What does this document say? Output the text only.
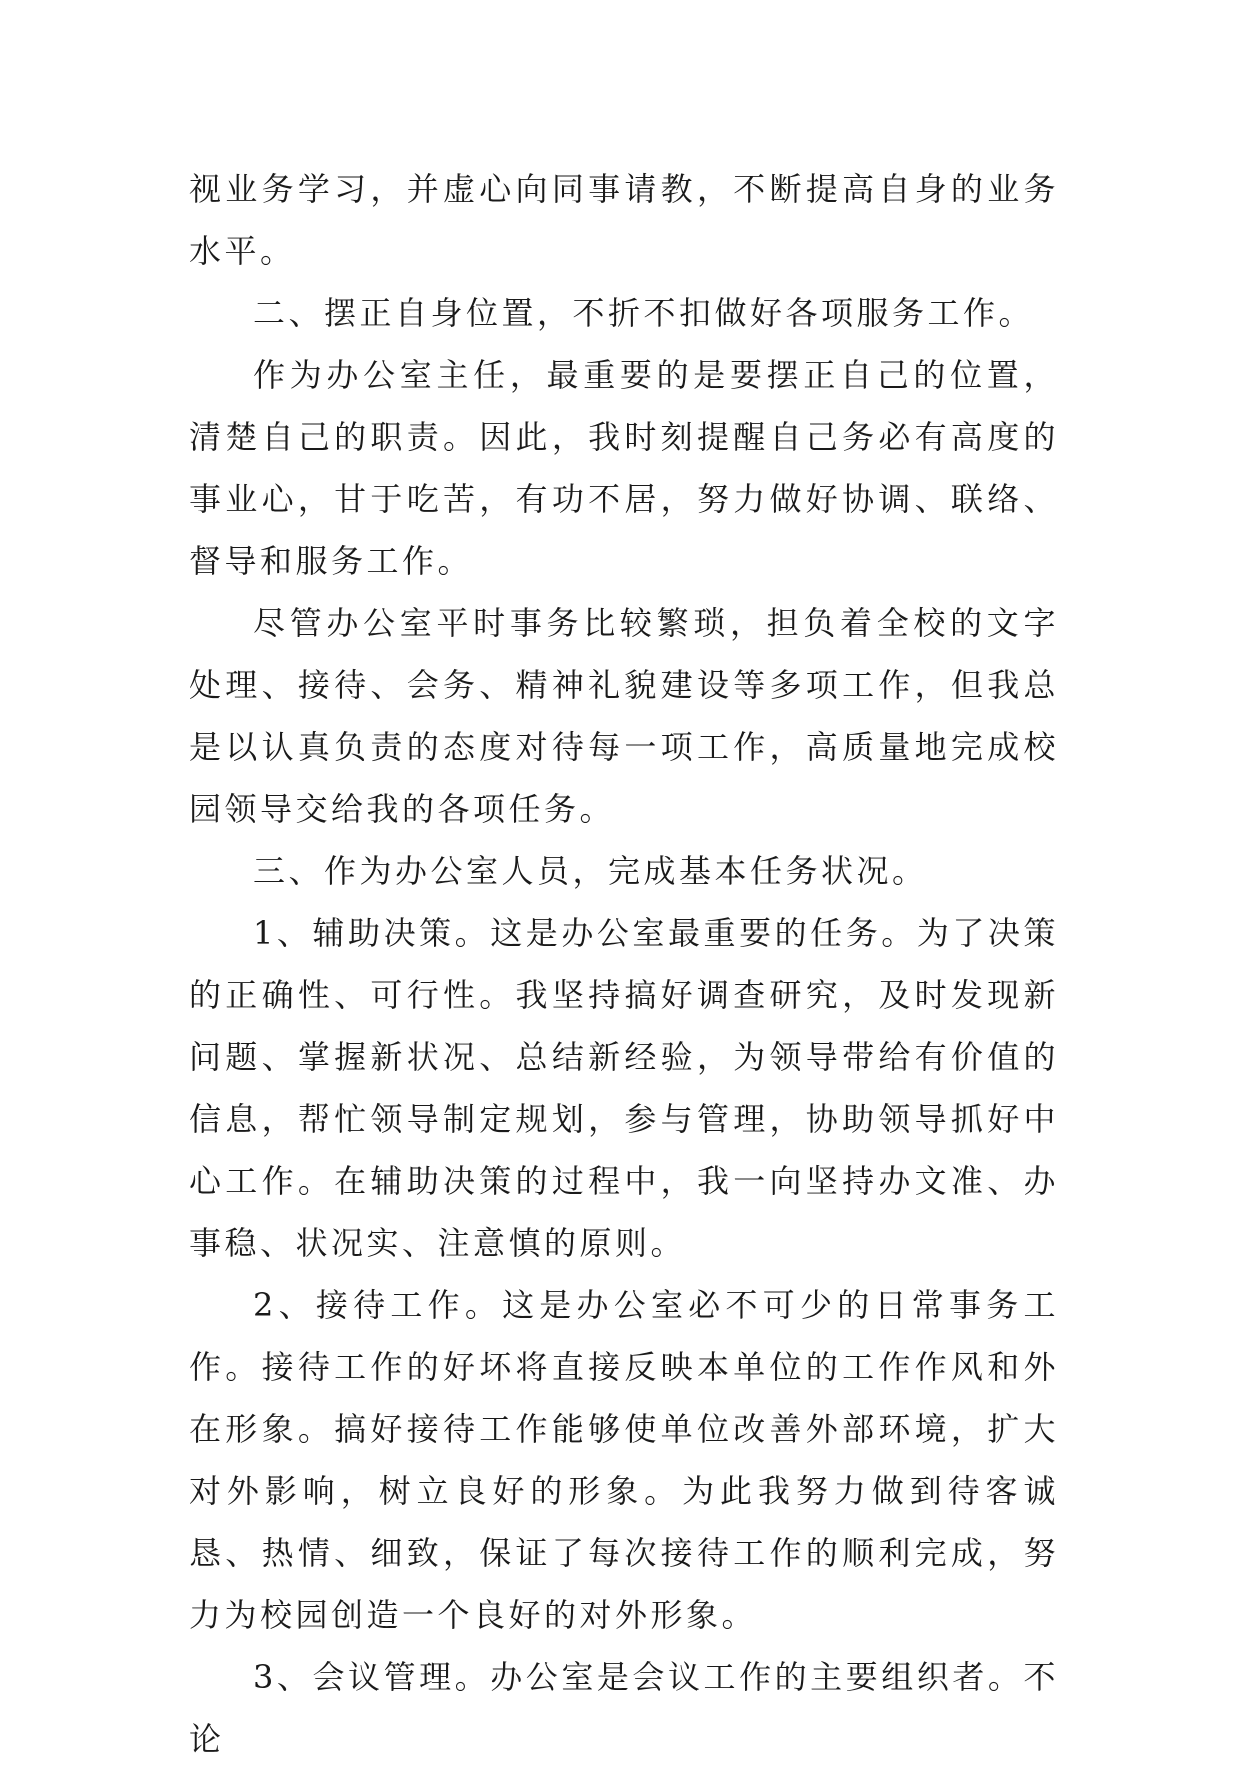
视业务学习，并虚心向同事请教，不断提高自身的业务水平。

二、摆正自身位置，不折不扣做好各项服务工作。

作为办公室主任，最重要的是要摆正自己的位置，清楚自己的职责。因此，我时刻提醒自己务必有高度的事业心，甘于吃苦，有功不居，努力做好协调、联络、督导和服务工作。

尽管办公室平时事务比较繁琐，担负着全校的文字处理、接待、会务、精神礼貌建设等多项工作，但我总是以认真负责的态度对待每一项工作，高质量地完成校园领导交给我的各项任务。

三、作为办公室人员，完成基本任务状况。

1、辅助决策。这是办公室最重要的任务。为了决策的正确性、可行性。我坚持搞好调查研究，及时发现新问题、掌握新状况、总结新经验，为领导带给有价值的信息，帮忙领导制定规划，参与管理，协助领导抓好中心工作。在辅助决策的过程中，我一向坚持办文准、办事稳、状况实、注意慎的原则。

2、接待工作。这是办公室必不可少的日常事务工作。接待工作的好坏将直接反映本单位的工作作风和外在形象。搞好接待工作能够使单位改善外部环境，扩大对外影响，树立良好的形象。为此我努力做到待客诚恳、热情、细致，保证了每次接待工作的顺利完成，努力为校园创造一个良好的对外形象。

3、会议管理。办公室是会议工作的主要组织者。不论
